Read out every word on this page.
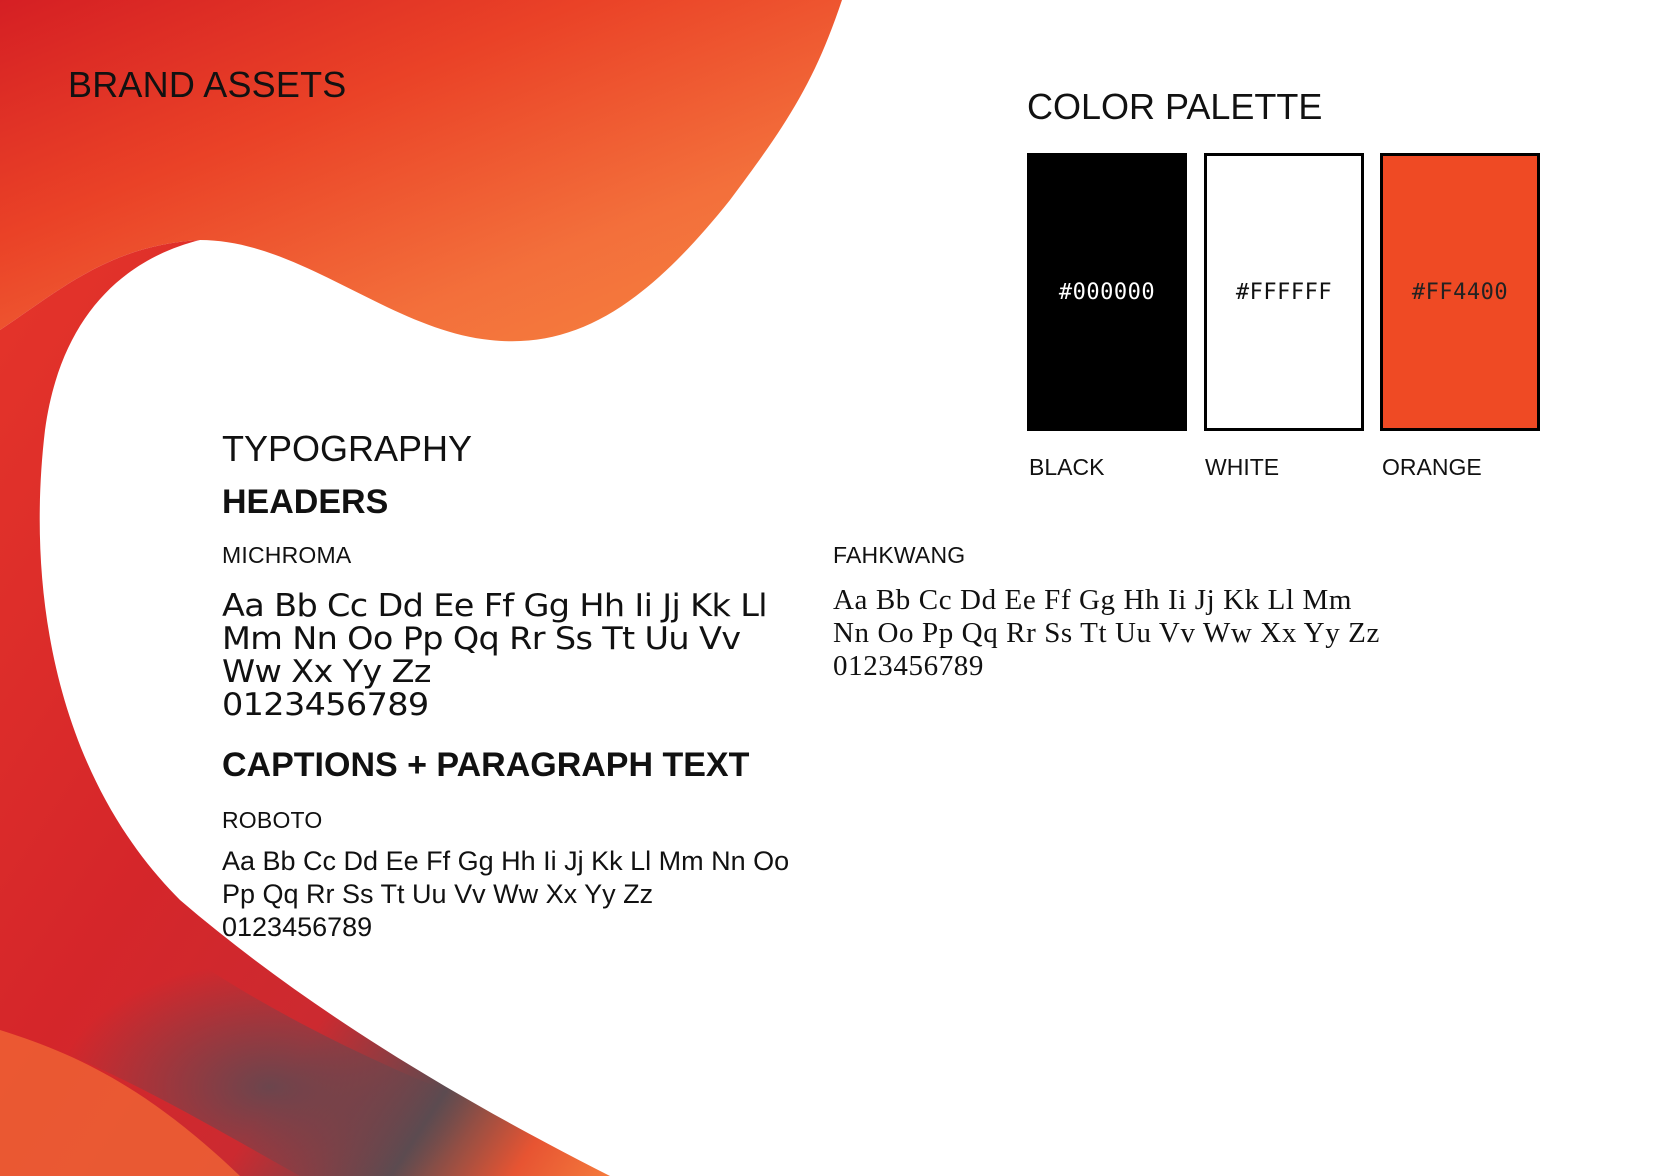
BRAND ASSETS
COLOR PALETTE
#000000	#FFFFFF	#FF4400
BLACK	WHITE	ORANGE
TYPOGRAPHY
HEADERS
MICHROMA
Aa Bb Cc Dd Ee Ff Gg Hh Ii Jj Kk Ll
Mm Nn Oo Pp Qq Rr Ss Tt Uu Vv
Ww Xx Yy Zz
0123456789
FAHKWANG
Aa Bb Cc Dd Ee Ff Gg Hh Ii Jj Kk Ll Mm
Nn Oo Pp Qq Rr Ss Tt Uu Vv Ww Xx Yy Zz
0123456789
CAPTIONS + PARAGRAPH TEXT
ROBOTO
Aa Bb Cc Dd Ee Ff Gg Hh Ii Jj Kk Ll Mm Nn Oo
Pp Qq Rr Ss Tt Uu Vv Ww Xx Yy Zz
0123456789
